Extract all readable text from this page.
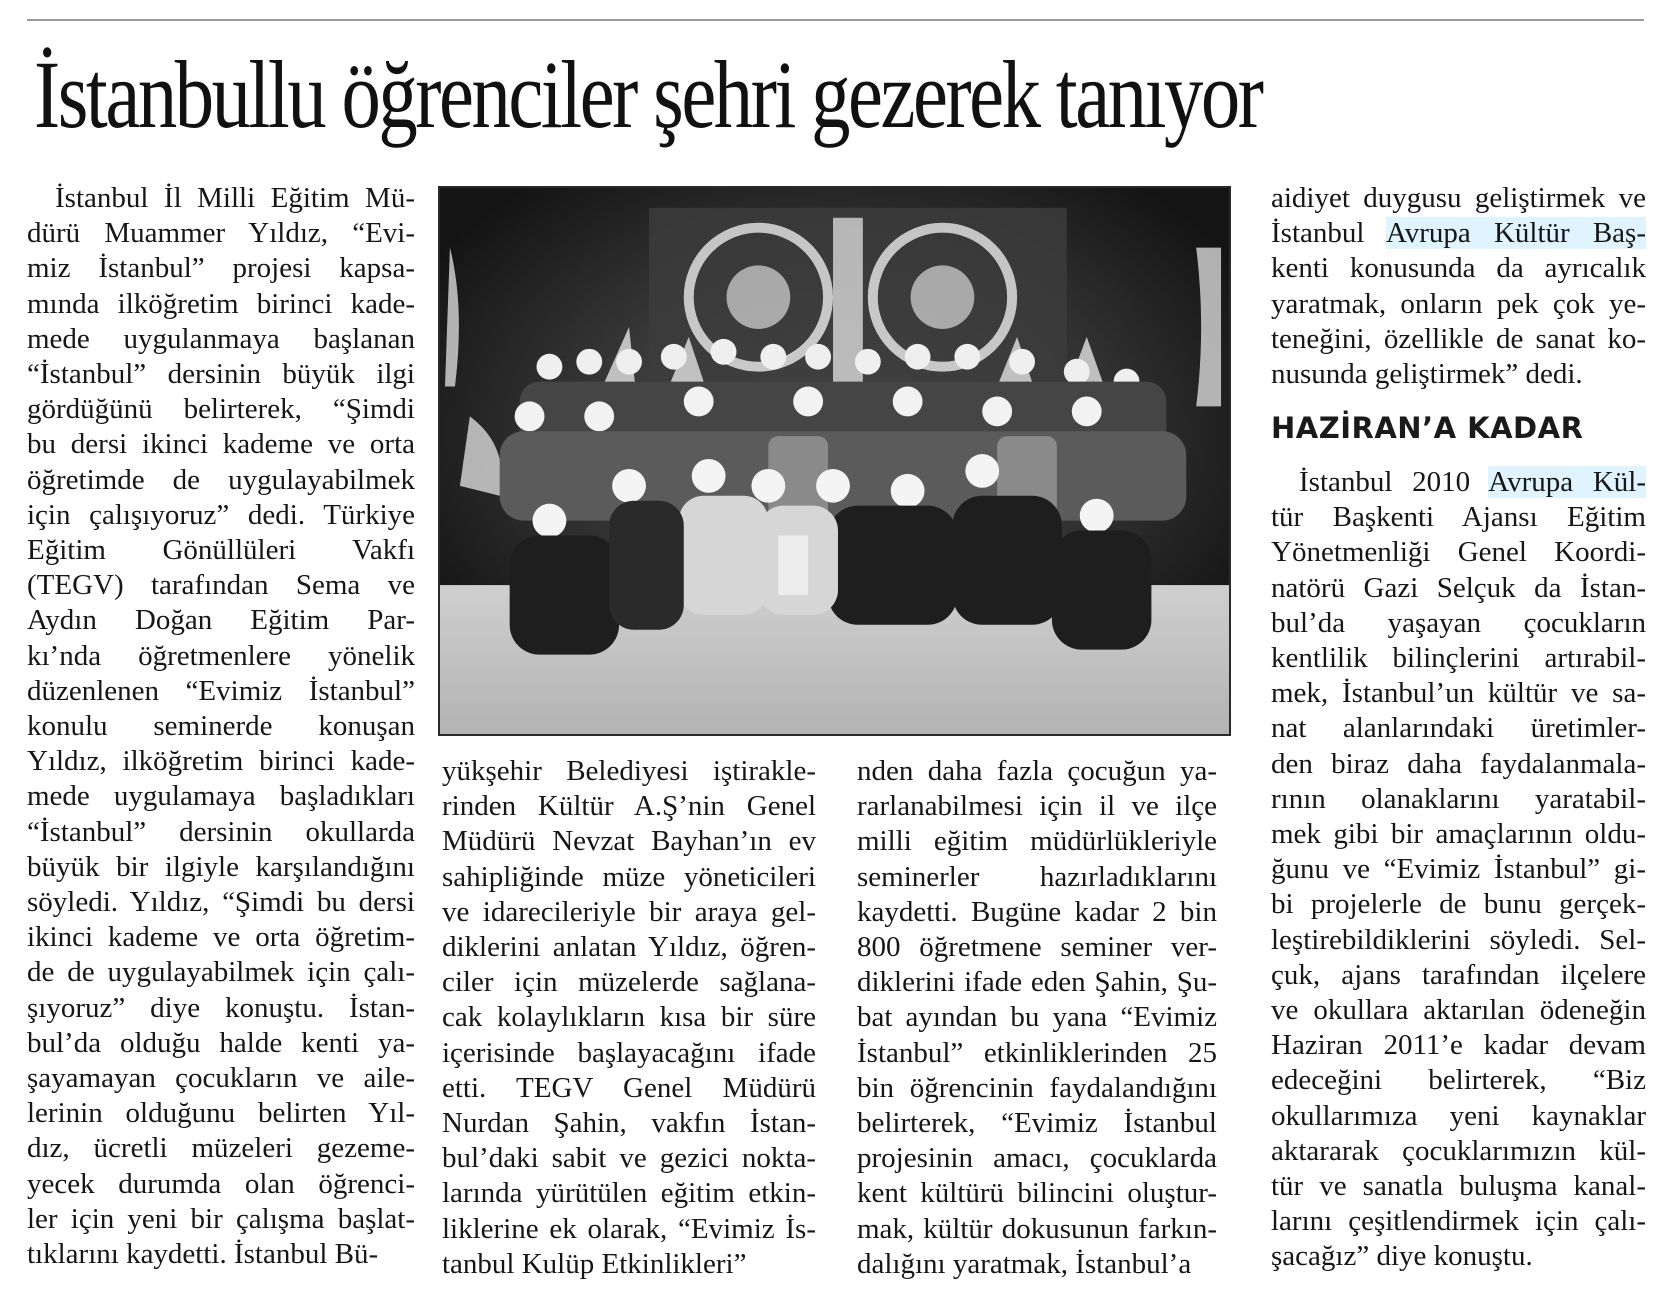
İstanbullu öğrenciler şehri gezerek tanıyor
İstanbul İl Milli Eğitim Mü-
dürü Muammer Yıldız, “Evi-
miz İstanbul” projesi kapsa-
mında ilköğretim birinci kade-
mede uygulanmaya başlanan
“İstanbul” dersinin büyük ilgi
gördüğünü belirterek, “Şimdi
bu dersi ikinci kademe ve orta
öğretimde de uygulayabilmek
için çalışıyoruz” dedi. Türkiye
Eğitim Gönüllüleri Vakfı
(TEGV) tarafından Sema ve
Aydın Doğan Eğitim Par-
kı’nda öğretmenlere yönelik
düzenlenen “Evimiz İstanbul”
konulu seminerde konuşan
Yıldız, ilköğretim birinci kade-
mede uygulamaya başladıkları
“İstanbul” dersinin okullarda
büyük bir ilgiyle karşılandığını
söyledi. Yıldız, “Şimdi bu dersi
ikinci kademe ve orta öğretim-
de de uygulayabilmek için çalı-
şıyoruz” diye konuştu. İstan-
bul’da olduğu halde kenti ya-
şayamayan çocukların ve aile-
lerinin olduğunu belirten Yıl-
dız, ücretli müzeleri gezeme-
yecek durumda olan öğrenci-
ler için yeni bir çalışma başlat-
tıklarını kaydetti. İstanbul Bü-
yükşehir Belediyesi iştirakle-
rinden Kültür A.Ş’nin Genel
Müdürü Nevzat Bayhan’ın ev
sahipliğinde müze yöneticileri
ve idarecileriyle bir araya gel-
diklerini anlatan Yıldız, öğren-
ciler için müzelerde sağlana-
cak kolaylıkların kısa bir süre
içerisinde başlayacağını ifade
etti. TEGV Genel Müdürü
Nurdan Şahin, vakfın İstan-
bul’daki sabit ve gezici nokta-
larında yürütülen eğitim etkin-
liklerine ek olarak, “Evimiz İs-
tanbul Kulüp Etkinlikleri”
nden daha fazla çocuğun ya-
rarlanabilmesi için il ve ilçe
milli eğitim müdürlükleriyle
seminerler hazırladıklarını
kaydetti. Bugüne kadar 2 bin
800 öğretmene seminer ver-
diklerini ifade eden Şahin, Şu-
bat ayından bu yana “Evimiz
İstanbul” etkinliklerinden 25
bin öğrencinin faydalandığını
belirterek, “Evimiz İstanbul
projesinin amacı, çocuklarda
kent kültürü bilincini oluştur-
mak, kültür dokusunun farkın-
dalığını yaratmak, İstanbul’a
aidiyet duygusu geliştirmek ve
İstanbul Avrupa Kültür Baş-
kenti konusunda da ayrıcalık
yaratmak, onların pek çok ye-
teneğini, özellikle de sanat ko-
nusunda geliştirmek” dedi.
HAZİRAN’A KADAR
İstanbul 2010 Avrupa Kül-
tür Başkenti Ajansı Eğitim
Yönetmenliği Genel Koordi-
natörü Gazi Selçuk da İstan-
bul’da yaşayan çocukların
kentlilik bilinçlerini artırabil-
mek, İstanbul’un kültür ve sa-
nat alanlarındaki üretimler-
den biraz daha faydalanmala-
rının olanaklarını yaratabil-
mek gibi bir amaçlarının oldu-
ğunu ve “Evimiz İstanbul” gi-
bi projelerle de bunu gerçek-
leştirebildiklerini söyledi. Sel-
çuk, ajans tarafından ilçelere
ve okullara aktarılan ödeneğin
Haziran 2011’e kadar devam
edeceğini belirterek, “Biz
okullarımıza yeni kaynaklar
aktararak çocuklarımızın kül-
tür ve sanatla buluşma kanal-
larını çeşitlendirmek için çalı-
şacağız” diye konuştu.
